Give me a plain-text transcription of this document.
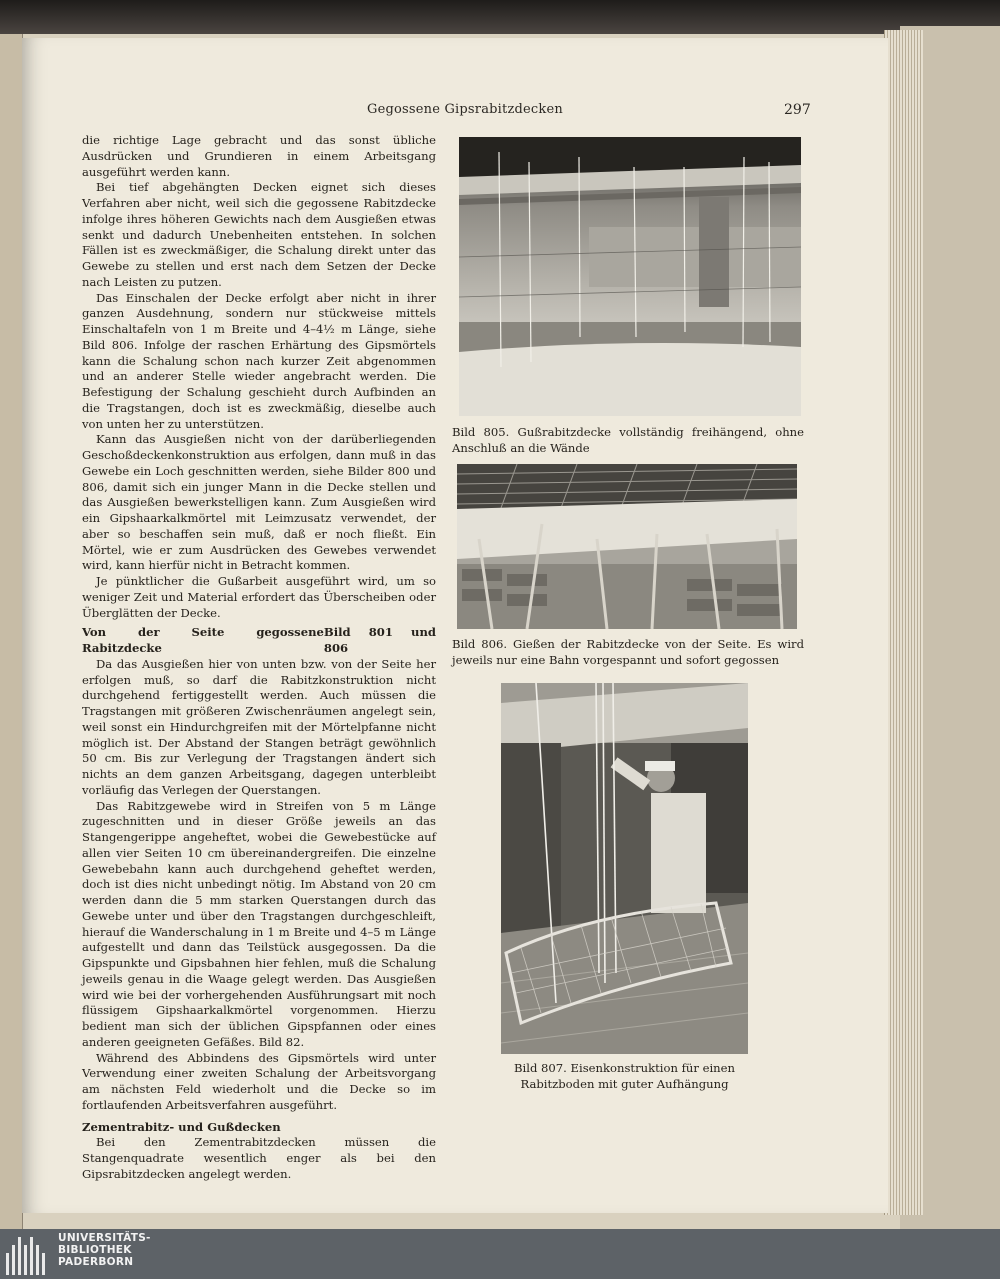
Gegossene Gipsrabitzdecken	297

die richtige Lage gebracht und das sonst übliche Ausdrücken und Grundieren in einem Arbeitsgang ausgeführt werden kann.

Bei tief abgehängten Decken eignet sich dieses Verfahren aber nicht, weil sich die gegossene Rabitzdecke infolge ihres höheren Gewichts nach dem Ausgießen etwas senkt und dadurch Unebenheiten entstehen. In solchen Fällen ist es zweckmäßiger, die Schalung direkt unter das Gewebe zu stellen und erst nach dem Setzen der Decke nach Leisten zu putzen.

Das Einschalen der Decke erfolgt aber nicht in ihrer ganzen Ausdehnung, sondern nur stückweise mittels Einschaltafeln von 1 m Breite und 4–4½ m Länge, siehe Bild 806. Infolge der raschen Erhärtung des Gipsmörtels kann die Schalung schon nach kurzer Zeit abgenommen und an anderer Stelle wieder angebracht werden. Die Befestigung der Schalung geschieht durch Aufbinden an die Tragstangen, doch ist es zweckmäßig, dieselbe auch von unten her zu unterstützen.

Kann das Ausgießen nicht von der darüberliegenden Geschoßdeckenkonstruktion aus erfolgen, dann muß in das Gewebe ein Loch geschnitten werden, siehe Bilder 800 und 806, damit sich ein junger Mann in die Decke stellen und das Ausgießen bewerkstelligen kann. Zum Ausgießen wird ein Gipshaarkalkmörtel mit Leimzusatz verwendet, der aber so beschaffen sein muß, daß er noch fließt. Ein Mörtel, wie er zum Ausdrücken des Gewebes verwendet wird, kann hierfür nicht in Betracht kommen.

Je pünktlicher die Gußarbeit ausgeführt wird, um so weniger Zeit und Material erfordert das Überscheiben oder Überglätten der Decke.

Von der Seite gegossene Rabitzdecke
Bild 801 und 806

Da das Ausgießen hier von unten bzw. von der Seite her erfolgen muß, so darf die Rabitzkonstruktion nicht durchgehend fertiggestellt werden. Auch müssen die Tragstangen mit größeren Zwischenräumen angelegt sein, weil sonst ein Hindurchgreifen mit der Mörtelpfanne nicht möglich ist. Der Abstand der Stangen beträgt gewöhnlich 50 cm. Bis zur Verlegung der Tragstangen ändert sich nichts an dem ganzen Arbeitsgang, dagegen unterbleibt vorläufig das Verlegen der Querstangen.

Das Rabitzgewebe wird in Streifen von 5 m Länge zugeschnitten und in dieser Größe jeweils an das Stangengerippe angeheftet, wobei die Gewebestücke auf allen vier Seiten 10 cm übereinandergreifen. Die einzelne Gewebebahn kann auch durchgehend geheftet werden, doch ist dies nicht unbedingt nötig. Im Abstand von 20 cm werden dann die 5 mm starken Querstangen durch das Gewebe unter und über den Tragstangen durchgeschleift, hierauf die Wanderschalung in 1 m Breite und 4–5 m Länge aufgestellt und dann das Teilstück ausgegossen. Da die Gipspunkte und Gipsbahnen hier fehlen, muß die Schalung jeweils genau in die Waage gelegt werden. Das Ausgießen wird wie bei der vorhergehenden Ausführungsart mit noch flüssigem Gipshaarkalkmörtel vorgenommen. Hierzu bedient man sich der üblichen Gipspfannen oder eines anderen geeigneten Gefäßes. Bild 82.

Während des Abbindens des Gipsmörtels wird unter Verwendung einer zweiten Schalung der Arbeitsvorgang am nächsten Feld wiederholt und die Decke so im fortlaufenden Arbeitsverfahren ausgeführt.

Zementrabitz- und Gußdecken

Bei den Zementrabitzdecken müssen die Stangenquadrate wesentlich enger als bei den Gipsrabitzdecken angelegt werden.

Bild 805. Gußrabitzdecke vollständig freihängend, ohne Anschluß an die Wände
Bild 806. Gießen der Rabitzdecke von der Seite. Es wird jeweils nur eine Bahn vorgespannt und sofort gegossen
Bild 807. Eisenkonstruktion für einen Rabitzboden mit guter Aufhängung
UNIVERSITÄTS-
BIBLIOTHEK
PADERBORN
